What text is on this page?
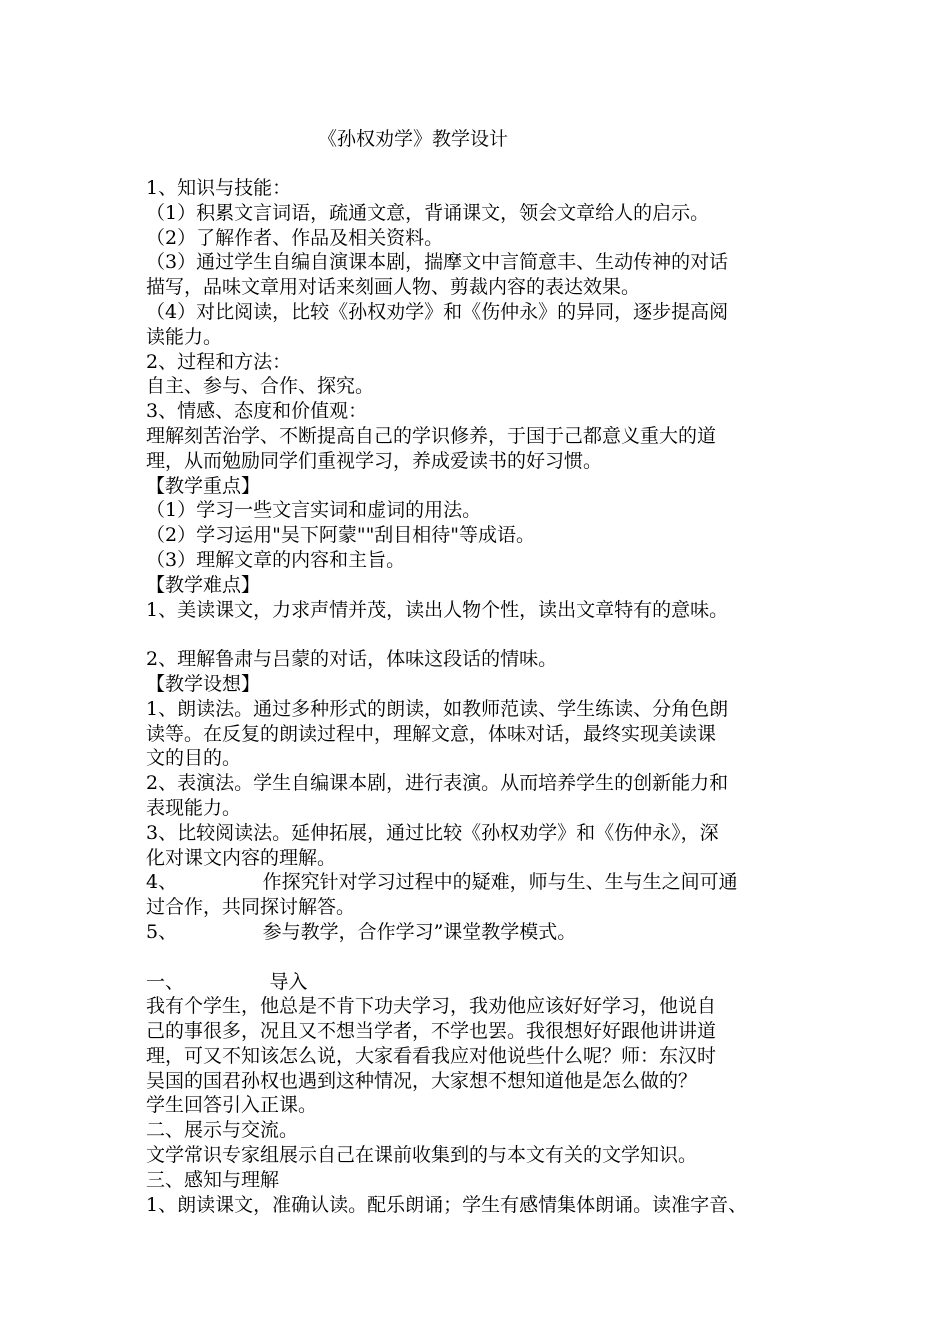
《孙权劝学》教学设计
1、知识与技能：
（1）积累文言词语，疏通文意，背诵课文，领会文章给人的启示。
（2）了解作者、作品及相关资料。
（3）通过学生自编自演课本剧，揣摩文中言简意丰、生动传神的对话
描写，品味文章用对话来刻画人物、剪裁内容的表达效果。
（4）对比阅读，比较《孙权劝学》和《伤仲永》的异同，逐步提高阅
读能力。
2、过程和方法：
自主、参与、合作、探究。
3、情感、态度和价值观：
理解刻苦治学、不断提高自己的学识修养，于国于己都意义重大的道
理，从而勉励同学们重视学习，养成爱读书的好习惯。
【教学重点】
（1）学习一些文言实词和虚词的用法。
（2）学习运用"吴下阿蒙""刮目相待"等成语。
（3）理解文章的内容和主旨。
【教学难点】
1、美读课文，力求声情并茂，读出人物个性，读出文章特有的意味。
2、理解鲁肃与吕蒙的对话，体味这段话的情味。
【教学设想】
1、朗读法。通过多种形式的朗读，如教师范读、学生练读、分角色朗
读等。在反复的朗读过程中，理解文意，体味对话，最终实现美读课
文的目的。
2、表演法。学生自编课本剧，进行表演。从而培养学生的创新能力和
表现能力。
3、比较阅读法。延伸拓展，通过比较《孙权劝学》和《伤仲永》，深
化对课文内容的理解。
4、　　　　　作探究针对学习过程中的疑难，师与生、生与生之间可通
过合作，共同探讨解答。
5、　　　　　参与教学，合作学习”课堂教学模式。
一、　　　　　导入
我有个学生，他总是不肯下功夫学习，我劝他应该好好学习，他说自
己的事很多，况且又不想当学者，不学也罢。我很想好好跟他讲讲道
理，可又不知该怎么说，大家看看我应对他说些什么呢？师：东汉时
吴国的国君孙权也遇到这种情况，大家想不想知道他是怎么做的？
学生回答引入正课。
二、展示与交流。
文学常识专家组展示自己在课前收集到的与本文有关的文学知识。
三、感知与理解
1、朗读课文，准确认读。配乐朗诵；学生有感情集体朗诵。读准字音、
